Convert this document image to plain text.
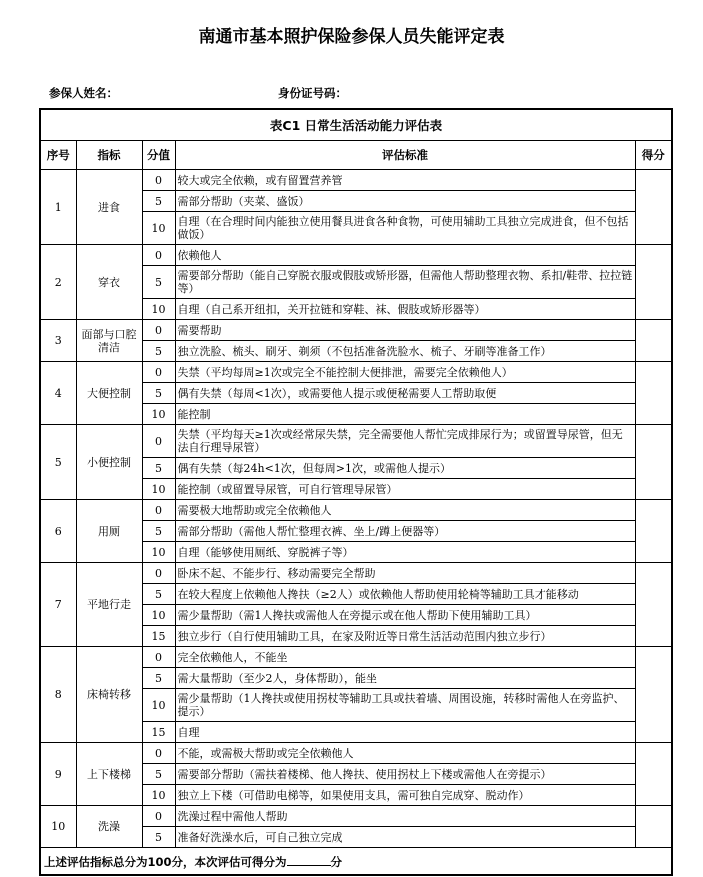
南通市基本照护保险参保人员失能评定表
参保人姓名：	身份证号码：
表C1 日常生活活动能力评估表				
序号	指标	分值	评估标准	得分
1	进食	0	较大或完全依赖，或有留置营养管	
		5	需部分帮助（夹菜、盛饭）	
		10	自理（在合理时间内能独立使用餐具进食各种食物，可使用辅助工具独立完成进食，但不包括做饭）	
2	穿衣	0	依赖他人	
		5	需要部分帮助（能自己穿脱衣服或假肢或矫形器，但需他人帮助整理衣物、系扣/鞋带、拉拉链等）	
		10	自理（自己系开纽扣，关开拉链和穿鞋、袜、假肢或矫形器等）	
3	面部与口腔清洁	0	需要帮助	
		5	独立洗脸、梳头、刷牙、剃须（不包括准备洗脸水、梳子、牙刷等准备工作）	
4	大便控制	0	失禁（平均每周≥1次或完全不能控制大便排泄，需要完全依赖他人）	
		5	偶有失禁（每周<1次），或需要他人提示或便秘需要人工帮助取便	
		10	能控制	
5	小便控制	0	失禁（平均每天≥1次或经常尿失禁，完全需要他人帮忙完成排尿行为；或留置导尿管，但无法自行理导尿管）	
		5	偶有失禁（每24h<1次，但每周>1次，或需他人提示）	
		10	能控制（或留置导尿管，可自行管理导尿管）	
6	用厕	0	需要极大地帮助或完全依赖他人	
		5	需部分帮助（需他人帮忙整理衣裤、坐上/蹲上便器等）	
		10	自理（能够使用厕纸、穿脱裤子等）	
7	平地行走	0	卧床不起、不能步行、移动需要完全帮助	
		5	在较大程度上依赖他人搀扶（≥2人）或依赖他人帮助使用轮椅等辅助工具才能移动	
		10	需少量帮助（需1人搀扶或需他人在旁提示或在他人帮助下使用辅助工具）	
		15	独立步行（自行使用辅助工具，在家及附近等日常生活活动范围内独立步行）	
8	床椅转移	0	完全依赖他人，不能坐	
		5	需大量帮助（至少2人，身体帮助），能坐	
		10	需少量帮助（1人搀扶或使用拐杖等辅助工具或扶着墙、周围设施，转移时需他人在旁监护、提示）	
		15	自理	
9	上下楼梯	0	不能，或需极大帮助或完全依赖他人	
		5	需要部分帮助（需扶着楼梯、他人搀扶、使用拐杖上下楼或需他人在旁提示）	
		10	独立上下楼（可借助电梯等，如果使用支具，需可独自完成穿、脱动作）	
10	洗澡	0	洗澡过程中需他人帮助	
		5	准备好洗澡水后，可自己独立完成	
上述评估指标总分为100分，本次评估可得分为 分				
